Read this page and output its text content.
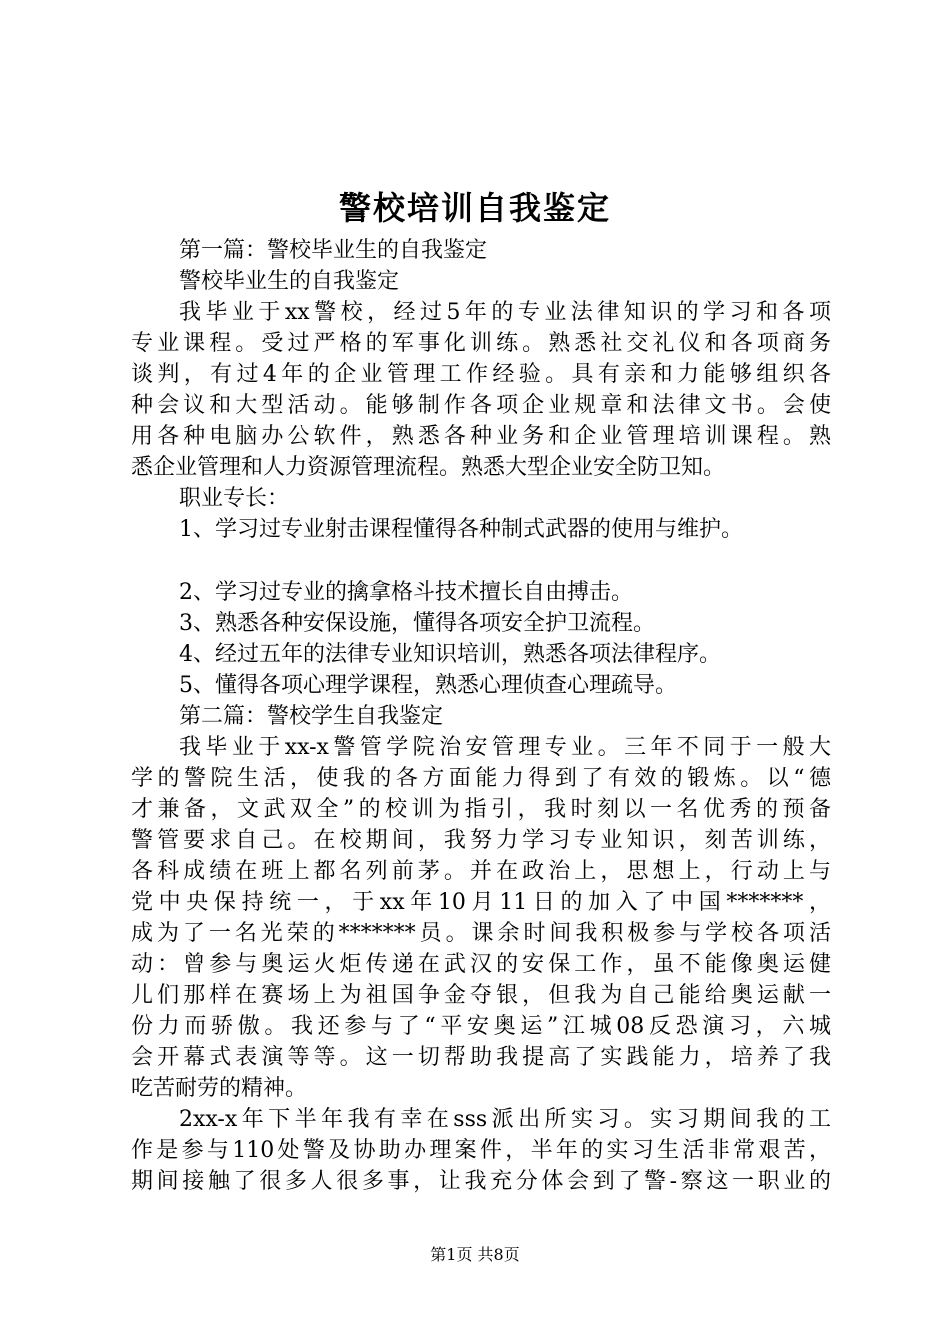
警校培训自我鉴定
第一篇：警校毕业生的自我鉴定
警校毕业生的自我鉴定
我毕业于xx警校，经过5年的专业法律知识的学习和各项
专业课程。受过严格的军事化训练。熟悉社交礼仪和各项商务
谈判，有过4年的企业管理工作经验。具有亲和力能够组织各
种会议和大型活动。能够制作各项企业规章和法律文书。会使
用各种电脑办公软件，熟悉各种业务和企业管理培训课程。熟
悉企业管理和人力资源管理流程。熟悉大型企业安全防卫知。
职业专长：
1、学习过专业射击课程懂得各种制式武器的使用与维护。
2、学习过专业的擒拿格斗技术擅长自由搏击。
3、熟悉各种安保设施，懂得各项安全护卫流程。
4、经过五年的法律专业知识培训，熟悉各项法律程序。
5、懂得各项心理学课程，熟悉心理侦查心理疏导。
第二篇：警校学生自我鉴定
我毕业于xx-x警管学院治安管理专业。三年不同于一般大
学的警院生活，使我的各方面能力得到了有效的锻炼。以“德
才兼备，文武双全”的校训为指引，我时刻以一名优秀的预备
警管要求自己。在校期间，我努力学习专业知识，刻苦训练，
各科成绩在班上都名列前茅。并在政治上，思想上，行动上与
党中央保持统一，于xx年10月11日的加入了中国*******，
成为了一名光荣的*******员。课余时间我积极参与学校各项活
动：曾参与奥运火炬传递在武汉的安保工作，虽不能像奥运健
儿们那样在赛场上为祖国争金夺银，但我为自己能给奥运献一
份力而骄傲。我还参与了“平安奥运”江城08反恐演习，六城
会开幕式表演等等。这一切帮助我提高了实践能力，培养了我
吃苦耐劳的精神。
2xx-x年下半年我有幸在sss派出所实习。实习期间我的工
作是参与110处警及协助办理案件，半年的实习生活非常艰苦，
期间接触了很多人很多事，让我充分体会到了警-察这一职业的
第1页 共8页
